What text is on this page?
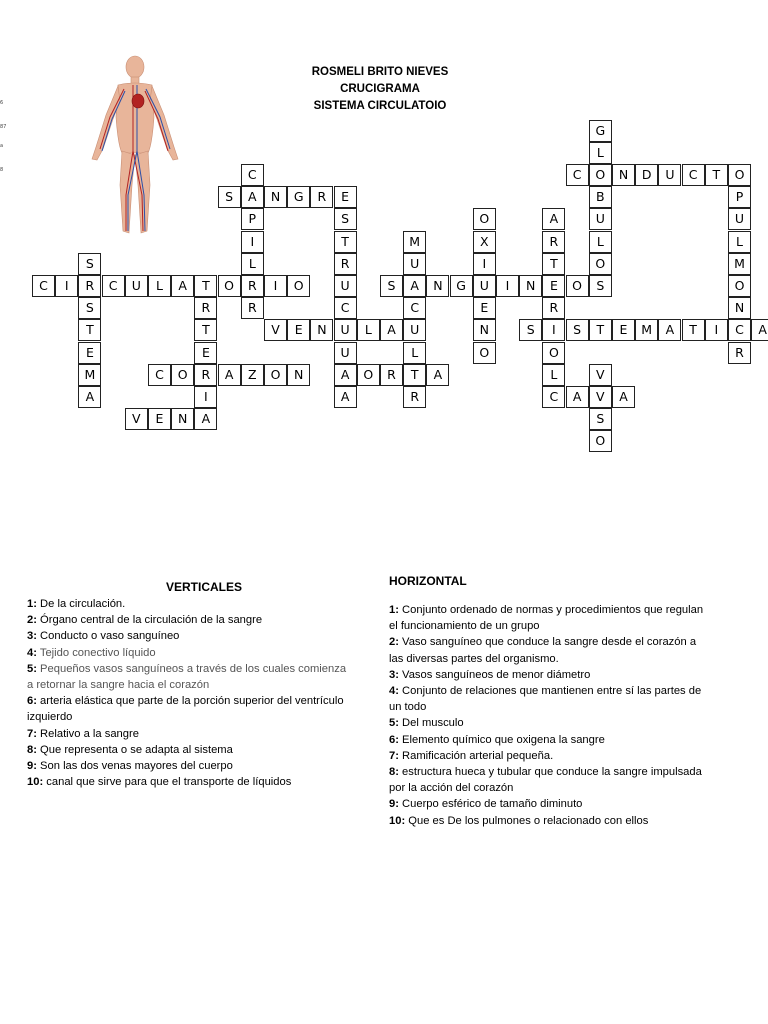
ROSMELI BRITO NIEVES
CRUCIGRAMA
SISTEMA CIRCULATOIO
6
87
a
8
C	I	R	C	U	L	A	T	O	R	I	O
S	A	N	G	R	E
C	O	N	D	U	C	T	O
S	A	N	G	U	I	N	E	O	S
V	E	N	U	L	A	S	I	S	T	E	M	A	T	I	C	A
C	O	R	A	Z	O	N	A	O	R	T	A
C	A	V	A
V	E	N	A
S
S
T
E
M
A
C
P
I
L
R
R
T
E
I
S
T
R
U
C
U
A
M
U
C
U
L
R
O
X
I
E
N
O
A
R
T
R
O
L
G
L
B
U
L
O
V
S
O
P
U
L
M
O
N
R
VERTICALES

1: De la circulación.

2: Órgano central de la circulación de la sangre

3: Conducto o vaso sanguíneo

4: Tejido conectivo líquido

5: Pequeños vasos sanguíneos a través de los cuales comienza a retornar la sangre hacia el corazón

6: arteria elástica que parte de la porción superior del ventrículo izquierdo

7: Relativo a la sangre

8: Que representa o se adapta al sistema

9: Son las dos venas mayores del cuerpo

10: canal que sirve para que el transporte de líquidos

HORIZONTAL

1: Conjunto ordenado de normas y procedimientos que regulan el funcionamiento de un grupo

2: Vaso sanguíneo que conduce la sangre desde el corazón a las diversas partes del organismo.

3: Vasos sanguíneos de menor diámetro

4: Conjunto de relaciones que mantienen entre sí las partes de un todo

5: Del musculo

6: Elemento químico que oxigena la sangre

7: Ramificación arterial pequeña.

8: estructura hueca y tubular que conduce la sangre impulsada por la acción del corazón

9: Cuerpo esférico de tamaño diminuto

10: Que es De los pulmones o relacionado con ellos
